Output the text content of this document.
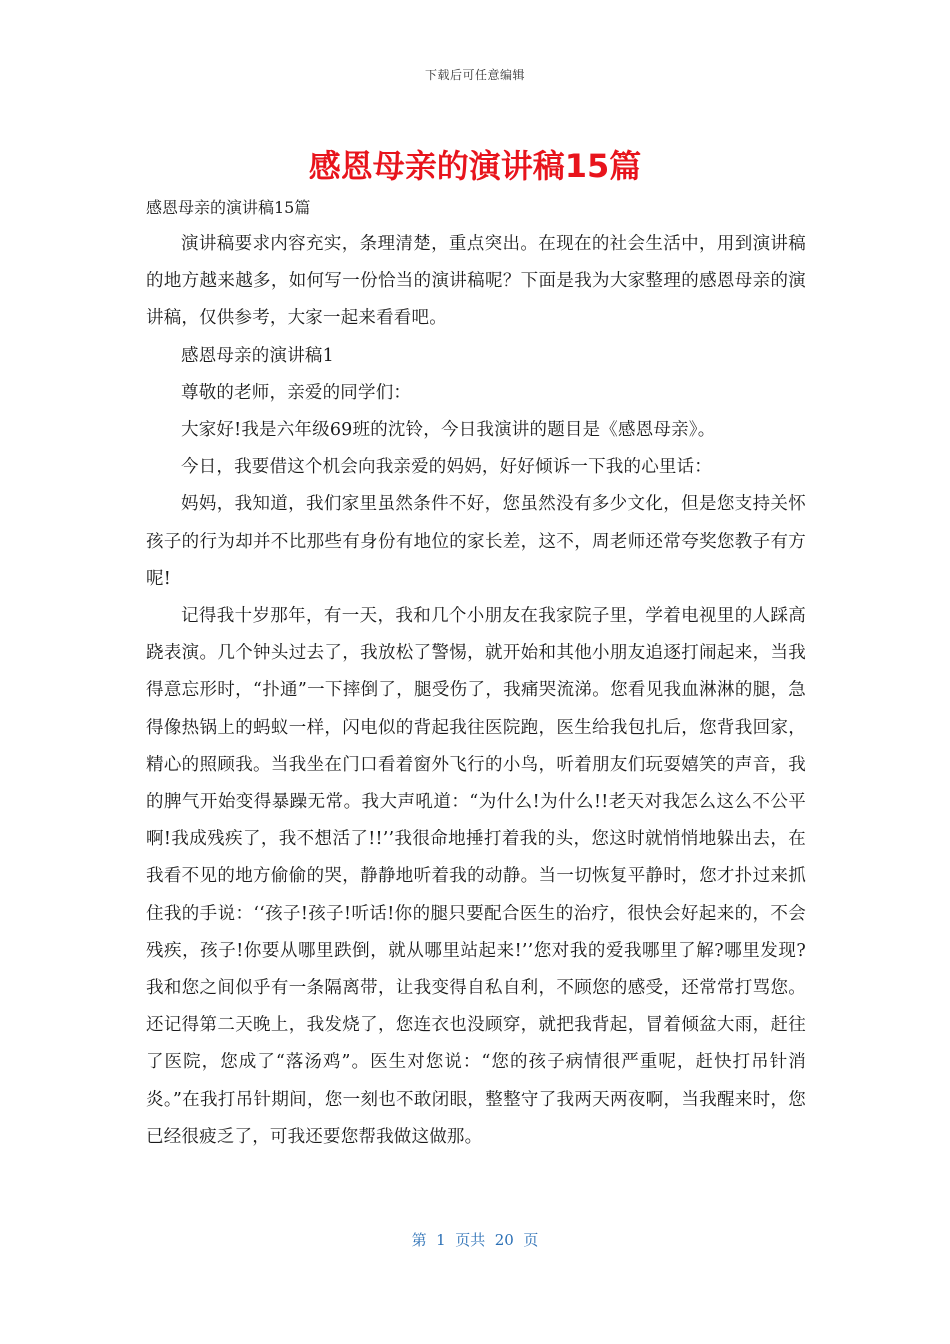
下载后可任意编辑
感恩母亲的演讲稿15篇

感恩母亲的演讲稿15篇

演讲稿要求内容充实，条理清楚，重点突出。在现在的社会生活中，用到演讲稿的地方越来越多，如何写一份恰当的演讲稿呢？下面是我为大家整理的感恩母亲的演讲稿，仅供参考，大家一起来看看吧。

感恩母亲的演讲稿1

尊敬的老师，亲爱的同学们：

大家好!我是六年级69班的沈铃，今日我演讲的题目是《感恩母亲》。

今日，我要借这个机会向我亲爱的妈妈，好好倾诉一下我的心里话：

妈妈，我知道，我们家里虽然条件不好，您虽然没有多少文化，但是您支持关怀孩子的行为却并不比那些有身份有地位的家长差，这不，周老师还常夸奖您教子有方呢!

记得我十岁那年，有一天，我和几个小朋友在我家院子里，学着电视里的人踩高跷表演。几个钟头过去了，我放松了警惕，就开始和其他小朋友追逐打闹起来，当我得意忘形时，“扑通”一下摔倒了，腿受伤了，我痛哭流涕。您看见我血淋淋的腿，急得像热锅上的蚂蚁一样，闪电似的背起我往医院跑，医生给我包扎后，您背我回家，精心的照顾我。当我坐在门口看着窗外飞行的小鸟，听着朋友们玩耍嬉笑的声音，我的脾气开始变得暴躁无常。我大声吼道：“为什么!为什么!!老天对我怎么这么不公平啊!我成残疾了，我不想活了!!’’我很命地捶打着我的头，您这时就悄悄地躲出去，在我看不见的地方偷偷的哭，静静地听着我的动静。当一切恢复平静时，您才扑过来抓住我的手说：‘‘孩子!孩子!听话!你的腿只要配合医生的治疗，很快会好起来的，不会残疾，孩子!你要从哪里跌倒，就从哪里站起来!’’您对我的爱我哪里了解?哪里发现?我和您之间似乎有一条隔离带，让我变得自私自利，不顾您的感受，还常常打骂您。还记得第二天晚上，我发烧了，您连衣也没顾穿，就把我背起，冒着倾盆大雨，赶往了医院，您成了“落汤鸡”。医生对您说：“您的孩子病情很严重呢，赶快打吊针消炎。”在我打吊针期间，您一刻也不敢闭眼，整整守了我两天两夜啊，当我醒来时，您已经很疲乏了，可我还要您帮我做这做那。

第  1  页共  20  页
